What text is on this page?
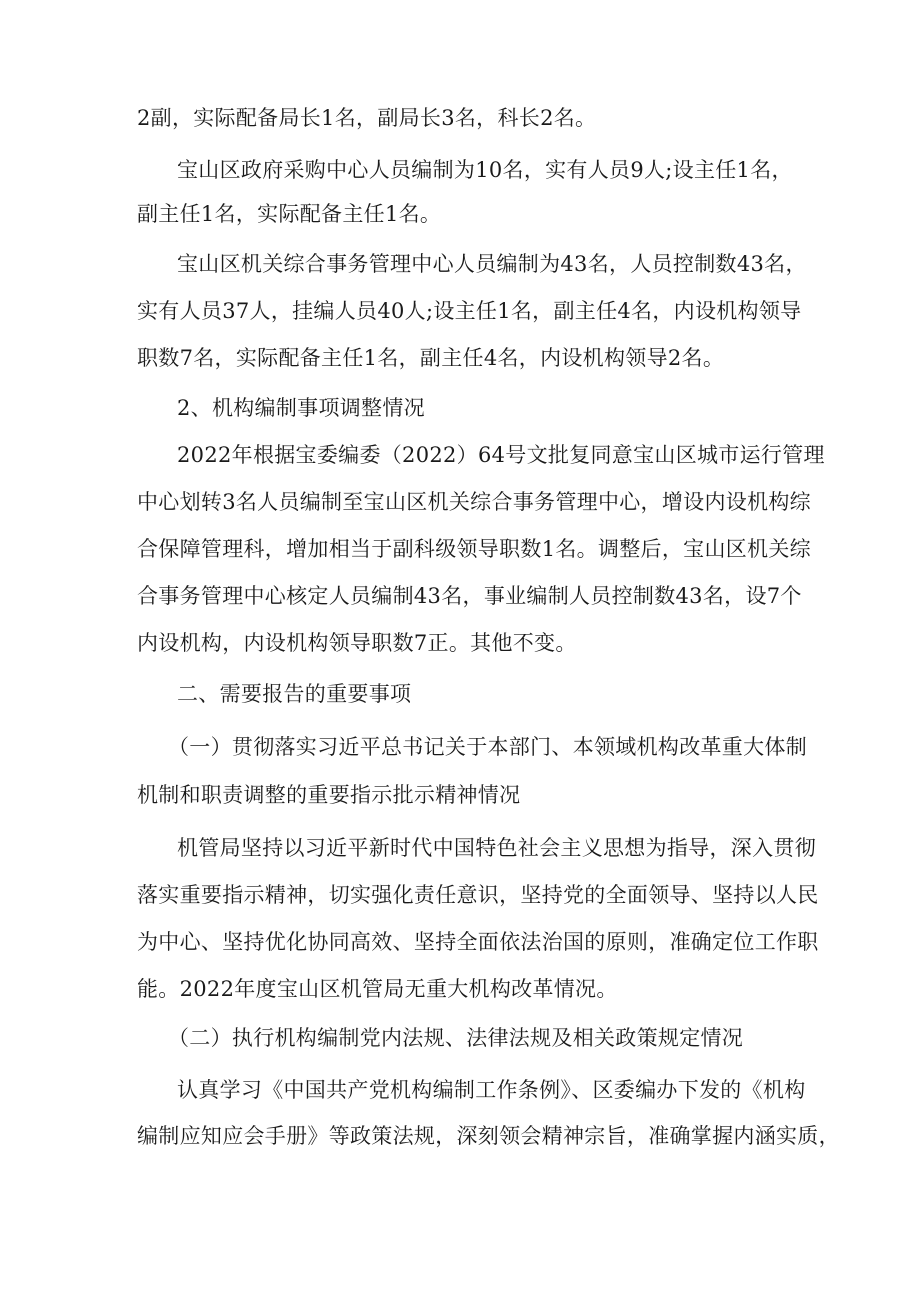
2副，实际配备局长1名，副局长3名，科长2名。
宝山区政府采购中心人员编制为10名，实有人员9人;设主任1名，
副主任1名，实际配备主任1名。
宝山区机关综合事务管理中心人员编制为43名，人员控制数43名，
实有人员37人，挂编人员40人;设主任1名，副主任4名，内设机构领导
职数7名，实际配备主任1名，副主任4名，内设机构领导2名。
2、机构编制事项调整情况
2022年根据宝委编委（2022）64号文批复同意宝山区城市运行管理
中心划转3名人员编制至宝山区机关综合事务管理中心，增设内设机构综
合保障管理科，增加相当于副科级领导职数1名。调整后，宝山区机关综
合事务管理中心核定人员编制43名，事业编制人员控制数43名，设7个
内设机构，内设机构领导职数7正。其他不变。
二、需要报告的重要事项
（一）贯彻落实习近平总书记关于本部门、本领域机构改革重大体制
机制和职责调整的重要指示批示精神情况
机管局坚持以习近平新时代中国特色社会主义思想为指导，深入贯彻
落实重要指示精神，切实强化责任意识，坚持党的全面领导、坚持以人民
为中心、坚持优化协同高效、坚持全面依法治国的原则，准确定位工作职
能。2022年度宝山区机管局无重大机构改革情况。
（二）执行机构编制党内法规、法律法规及相关政策规定情况
认真学习《中国共产党机构编制工作条例》、区委编办下发的《机构
编制应知应会手册》等政策法规，深刻领会精神宗旨，准确掌握内涵实质，
